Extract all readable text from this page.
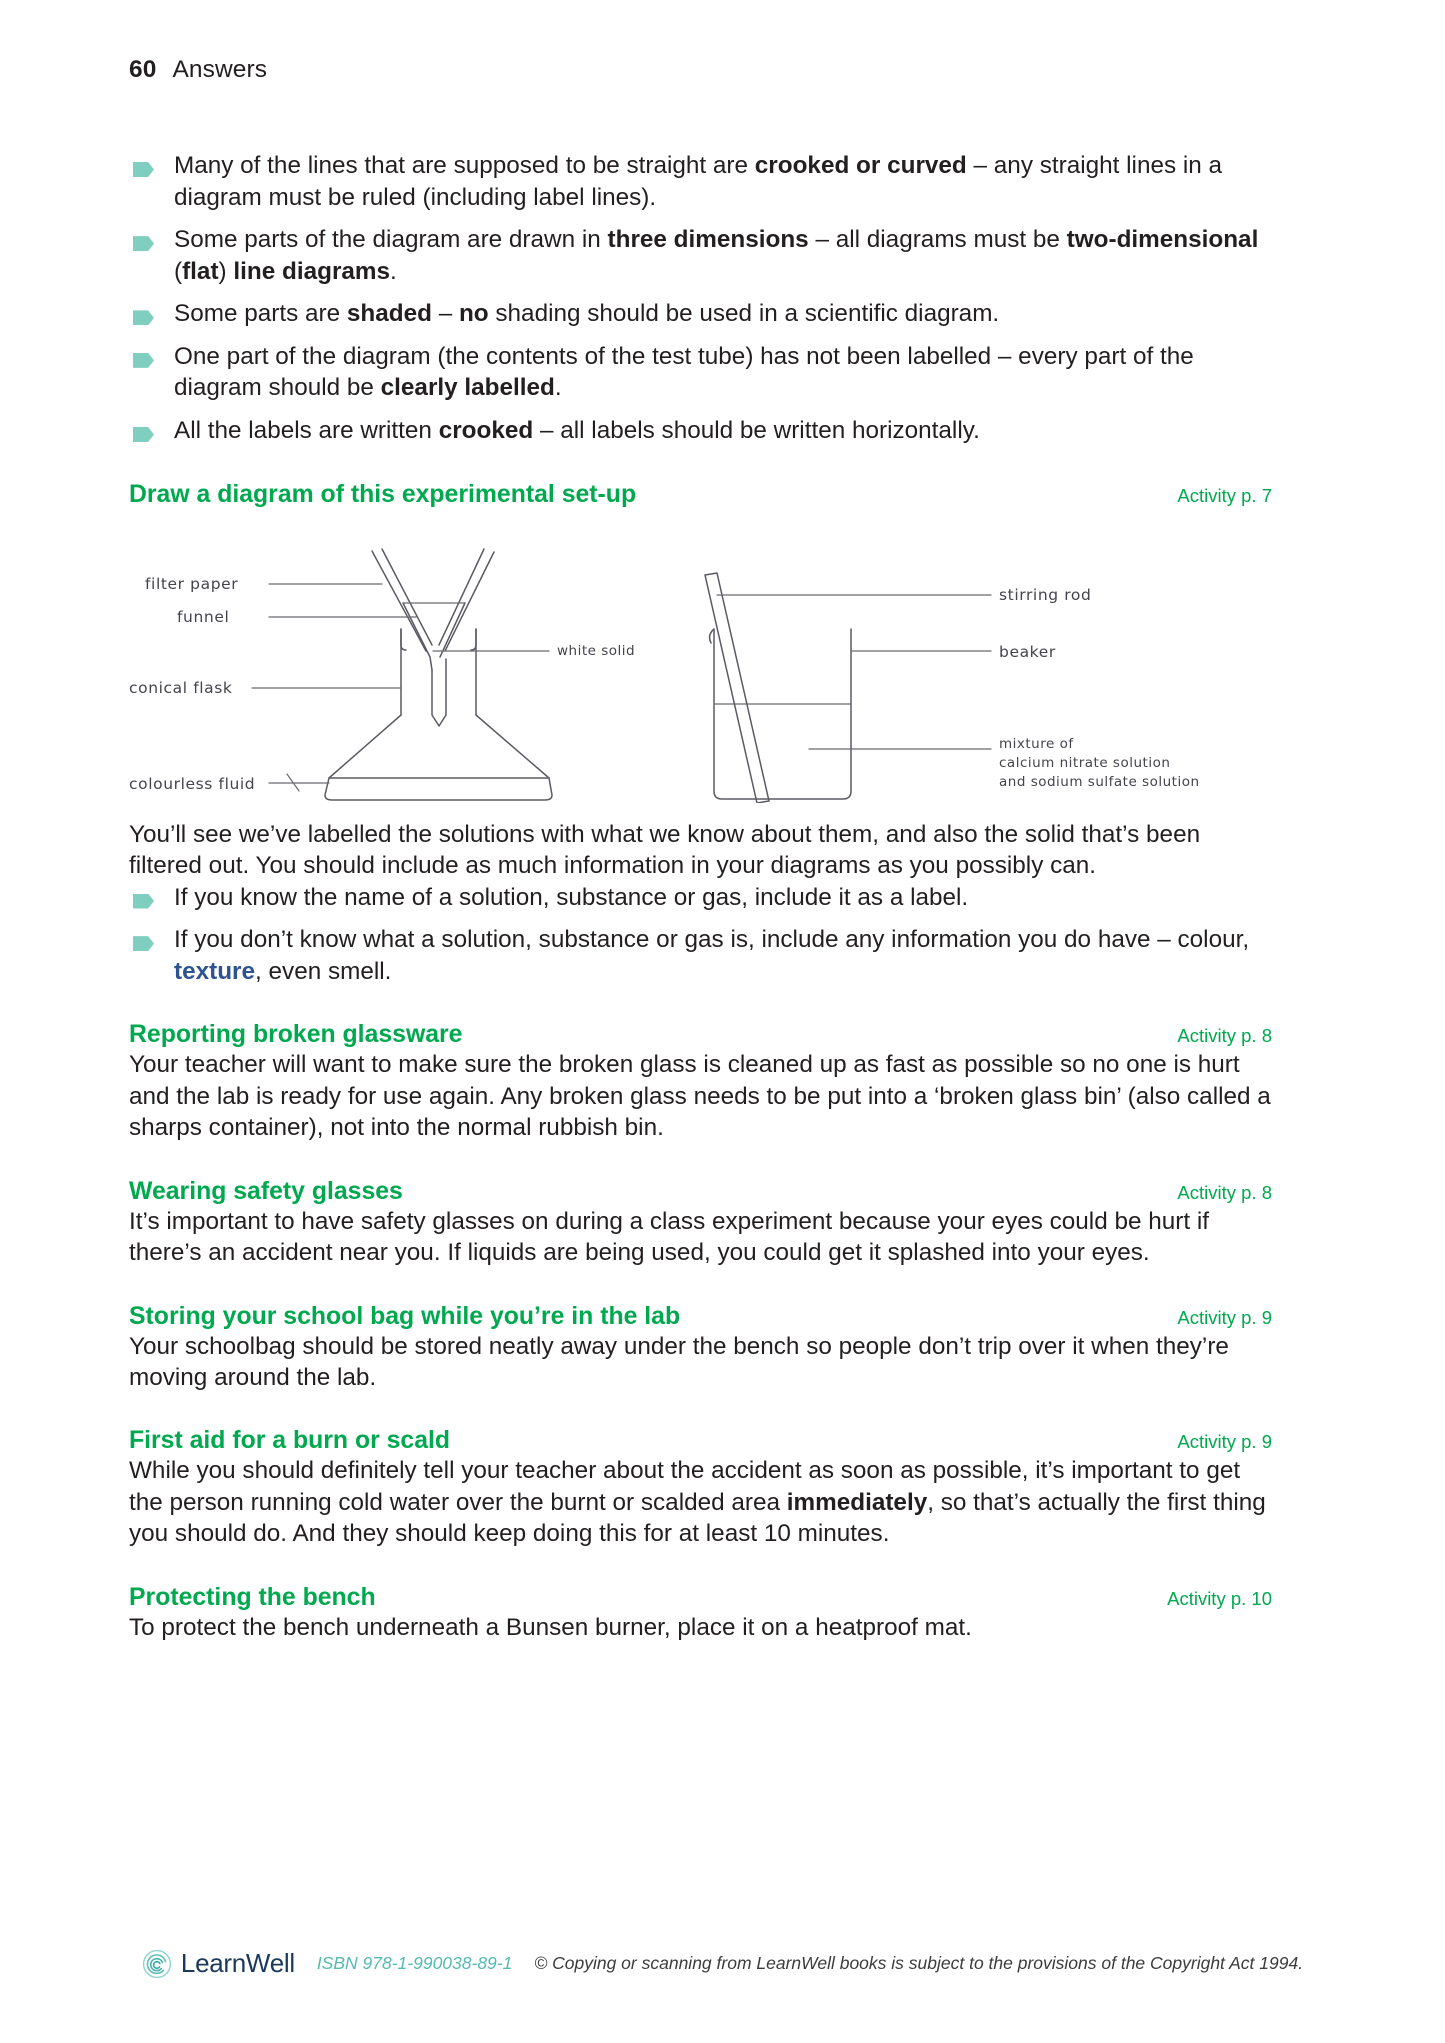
60 Answers
Many of the lines that are supposed to be straight are crooked or curved – any straight lines in a diagram must be ruled (including label lines).
Some parts of the diagram are drawn in three dimensions – all diagrams must be two-dimensional (flat) line diagrams.
Some parts are shaded – no shading should be used in a scientific diagram.
One part of the diagram (the contents of the test tube) has not been labelled – every part of the diagram should be clearly labelled.
All the labels are written crooked – all labels should be written horizontally.
Draw a diagram of this experimental set-up	Activity p. 7
filter paper
funnel
conical flask
colourless fluid
white solid
stirring rod
beaker
mixture of
calcium nitrate solution
and sodium sulfate solution

You’ll see we’ve labelled the solutions with what we know about them, and also the solid that’s been filtered out. You should include as much information in your diagrams as you possibly can.

If you know the name of a solution, substance or gas, include it as a label.
If you don’t know what a solution, substance or gas is, include any information you do have – colour, texture, even smell.
Reporting broken glassware	Activity p. 8

Your teacher will want to make sure the broken glass is cleaned up as fast as possible so no one is hurt and the lab is ready for use again. Any broken glass needs to be put into a ‘broken glass bin’ (also called a sharps container), not into the normal rubbish bin.

Wearing safety glasses	Activity p. 8

It’s important to have safety glasses on during a class experiment because your eyes could be hurt if there’s an accident near you. If liquids are being used, you could get it splashed into your eyes.

Storing your school bag while you’re in the lab	Activity p. 9

Your schoolbag should be stored neatly away under the bench so people don’t trip over it when they’re moving around the lab.

First aid for a burn or scald	Activity p. 9

While you should definitely tell your teacher about the accident as soon as possible, it’s important to get the person running cold water over the burnt or scalded area immediately, so that’s actually the first thing you should do. And they should keep doing this for at least 10 minutes.

Protecting the bench	Activity p. 10

To protect the bench underneath a Bunsen burner, place it on a heatproof mat.

LearnWell ISBN 978-1-990038-89-1 © Copying or scanning from LearnWell books is subject to the provisions of the Copyright Act 1994.
